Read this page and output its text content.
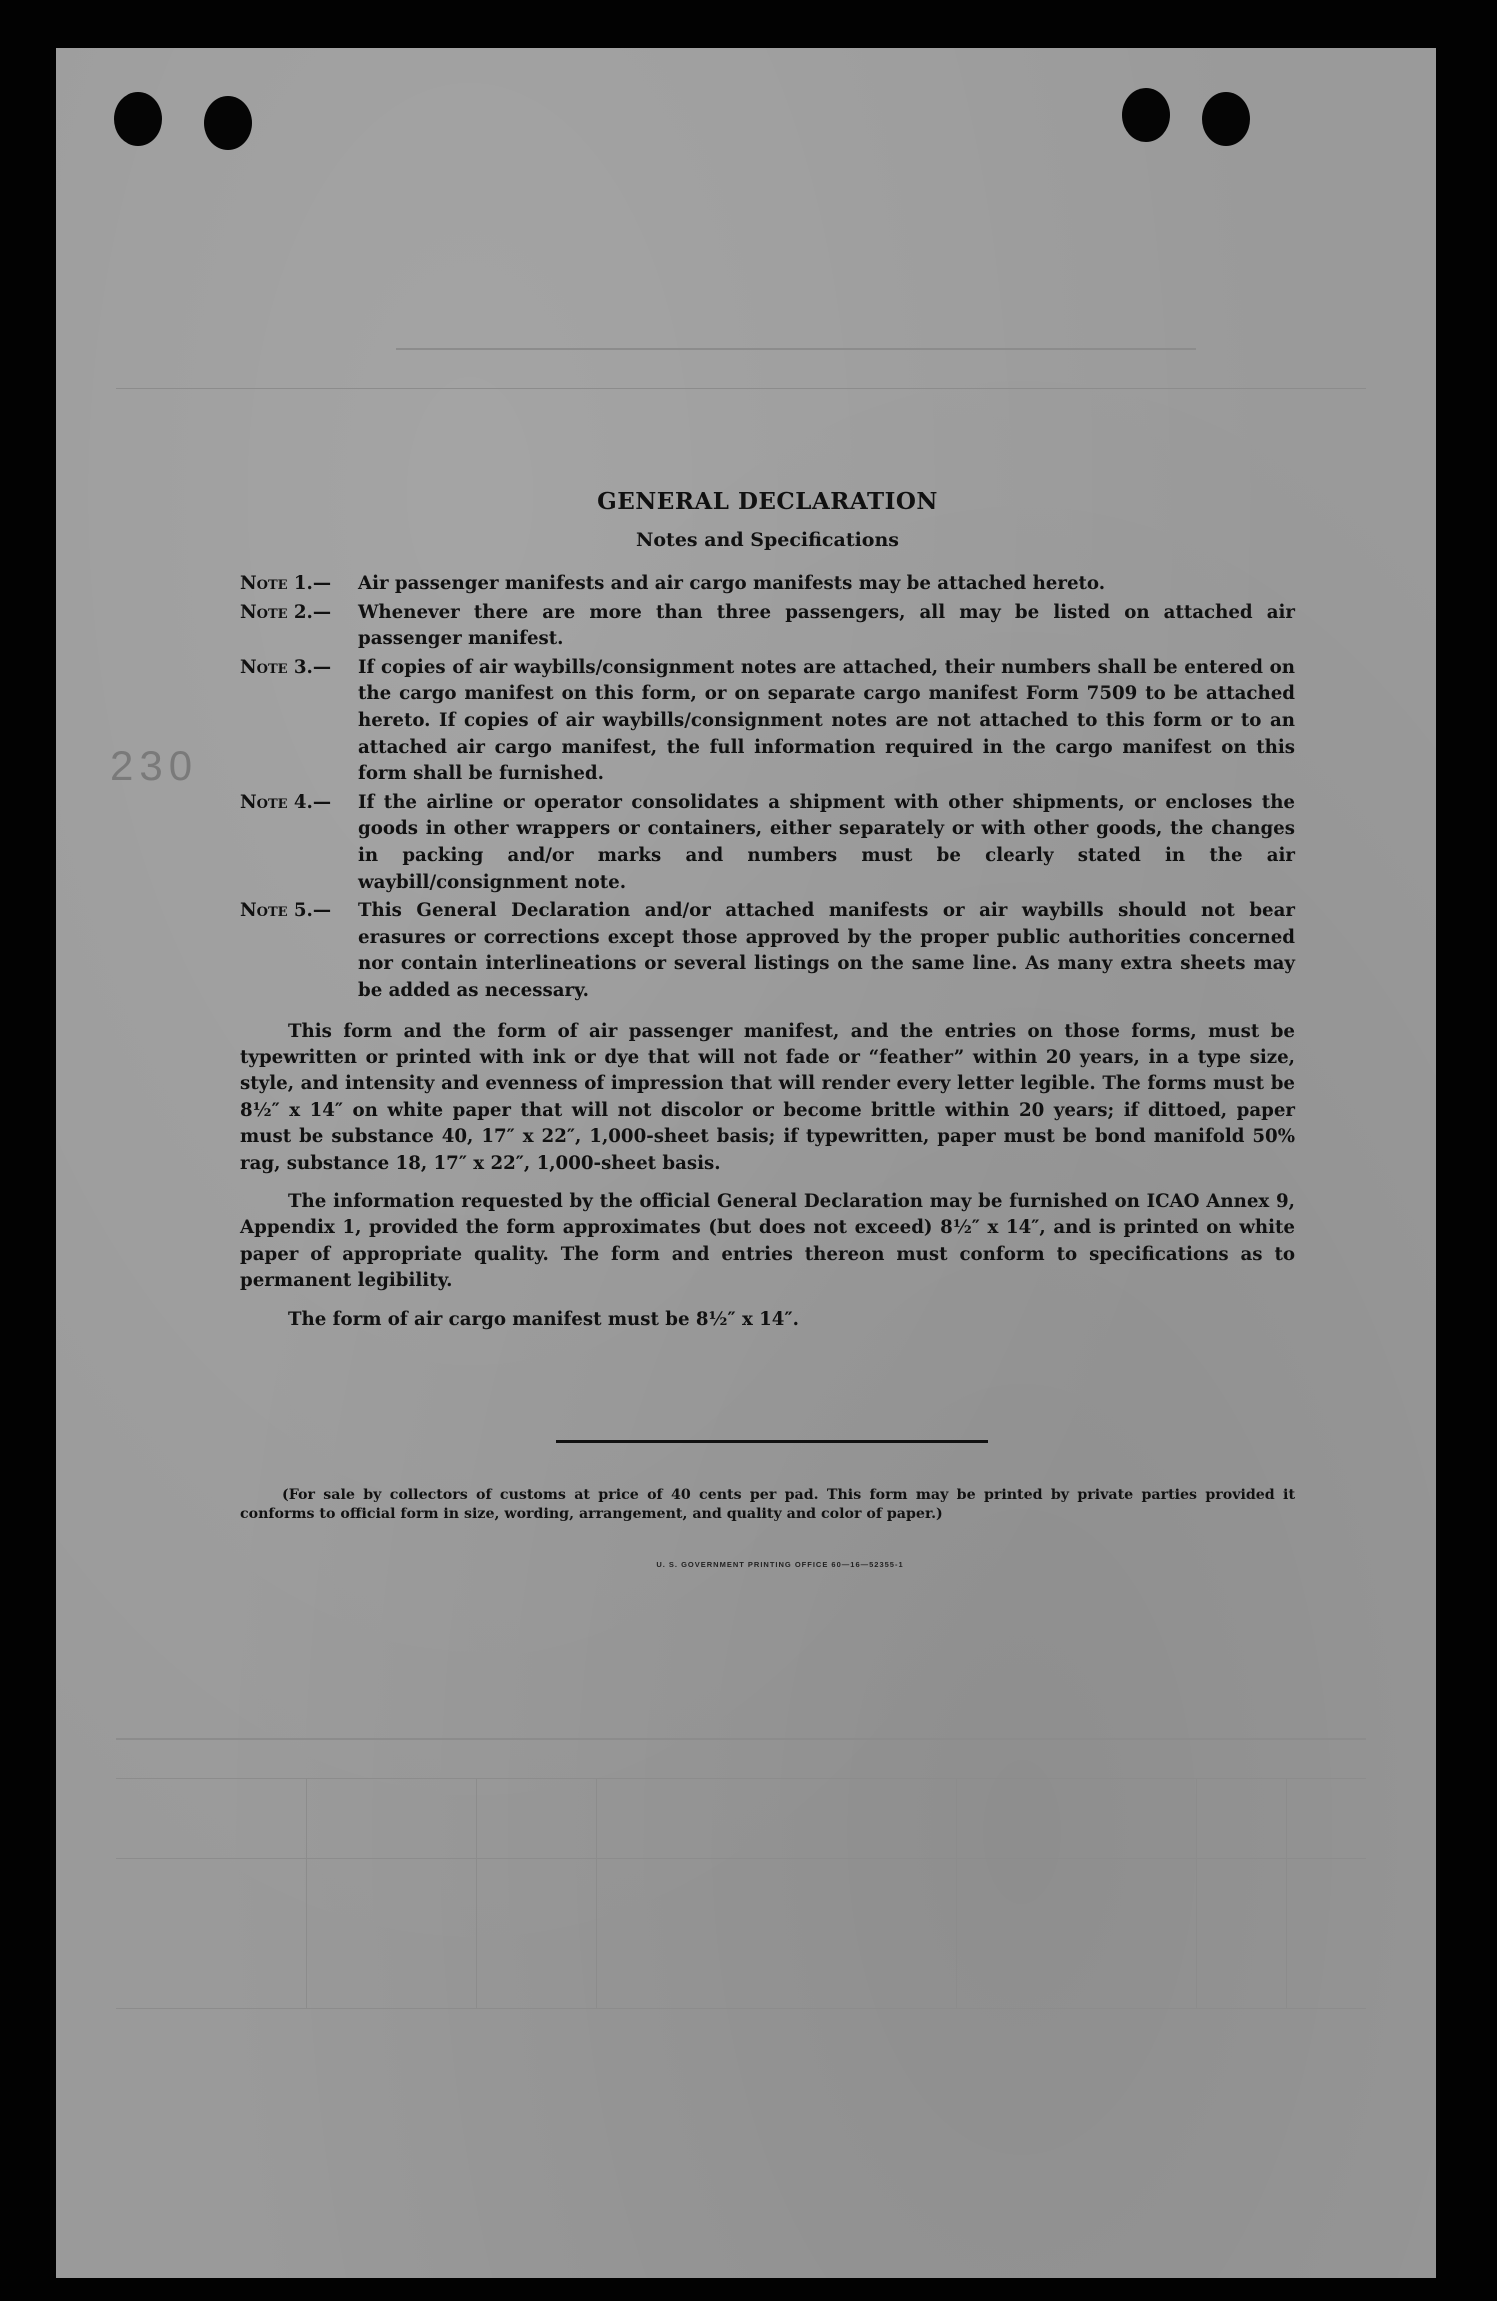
230
GENERAL DECLARATION
Notes and Specifications
Note 1.—	Air passenger manifests and air cargo manifests may be attached hereto.
Note 2.—	Whenever there are more than three passengers, all may be listed on attached air passenger manifest.
Note 3.—	If copies of air waybills/consignment notes are attached, their numbers shall be entered on the cargo manifest on this form, or on separate cargo manifest Form 7509 to be attached hereto. If copies of air waybills/consignment notes are not attached to this form or to an attached air cargo manifest, the full information required in the cargo manifest on this form shall be furnished.
Note 4.—	If the airline or operator consolidates a shipment with other shipments, or encloses the goods in other wrappers or containers, either separately or with other goods, the changes in packing and/or marks and numbers must be clearly stated in the air waybill/consignment note.
Note 5.—	This General Declaration and/or attached manifests or air waybills should not bear erasures or corrections except those approved by the proper public authorities concerned nor contain interlineations or several listings on the same line. As many extra sheets may be added as necessary.
This form and the form of air passenger manifest, and the entries on those forms, must be typewritten or printed with ink or dye that will not fade or “feather” within 20 years, in a type size, style, and intensity and evenness of impression that will render every letter legible. The forms must be 8½″ x 14″ on white paper that will not discolor or become brittle within 20 years; if dittoed, paper must be substance 40, 17″ x 22″, 1,000-sheet basis; if typewritten, paper must be bond manifold 50% rag, substance 18, 17″ x 22″, 1,000-sheet basis.
The information requested by the official General Declaration may be furnished on ICAO Annex 9, Appendix 1, provided the form approximates (but does not exceed) 8½″ x 14″, and is printed on white paper of appropriate quality. The form and entries thereon must conform to specifications as to permanent legibility.
The form of air cargo manifest must be 8½″ x 14″.
(For sale by collectors of customs at price of 40 cents per pad. This form may be printed by private parties provided it conforms to official form in size, wording, arrangement, and quality and color of paper.)
U. S. GOVERNMENT PRINTING OFFICE 60—16—52355-1
